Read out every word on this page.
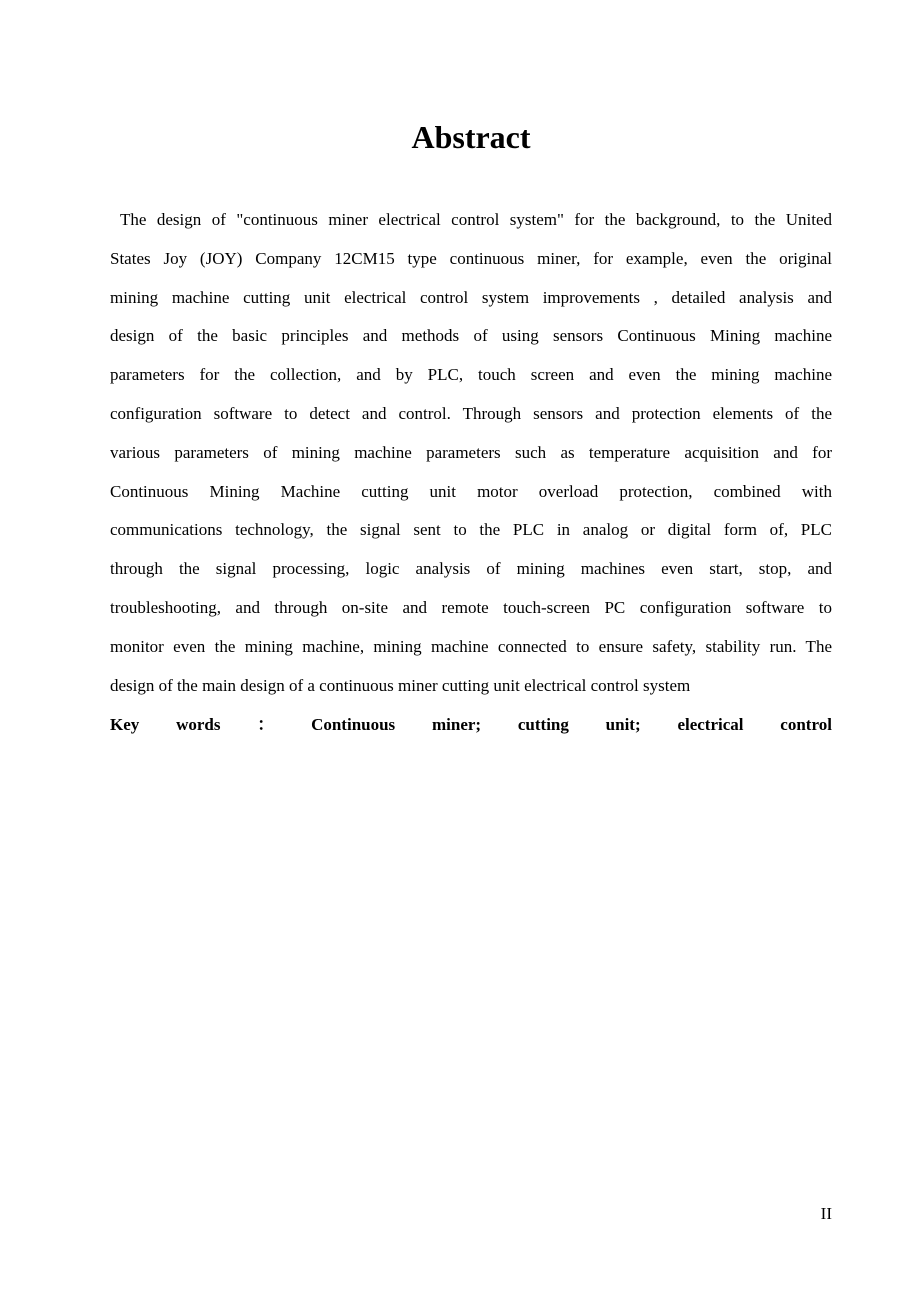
Abstract
The design of "continuous miner electrical control system" for the background, to the United
States Joy (JOY) Company 12CM15 type continuous miner, for example, even the original
mining machine cutting unit electrical control system improvements , detailed analysis and
design of the basic principles and methods of using sensors Continuous Mining machine
parameters for the collection, and by PLC, touch screen and even the mining machine
configuration software to detect and control. Through sensors and protection elements of the
various parameters of mining machine parameters such as temperature acquisition and for
Continuous Mining Machine cutting unit motor overload protection, combined with
communications technology, the signal sent to the PLC in analog or digital form of, PLC
through the signal processing, logic analysis of mining machines even start, stop, and
troubleshooting, and through on-site and remote touch-screen PC configuration software to
monitor even the mining machine, mining machine connected to ensure safety, stability run. The
design of the main design of a continuous miner cutting unit electrical control system
Key words ： Continuous miner; cutting unit; electrical control
II
